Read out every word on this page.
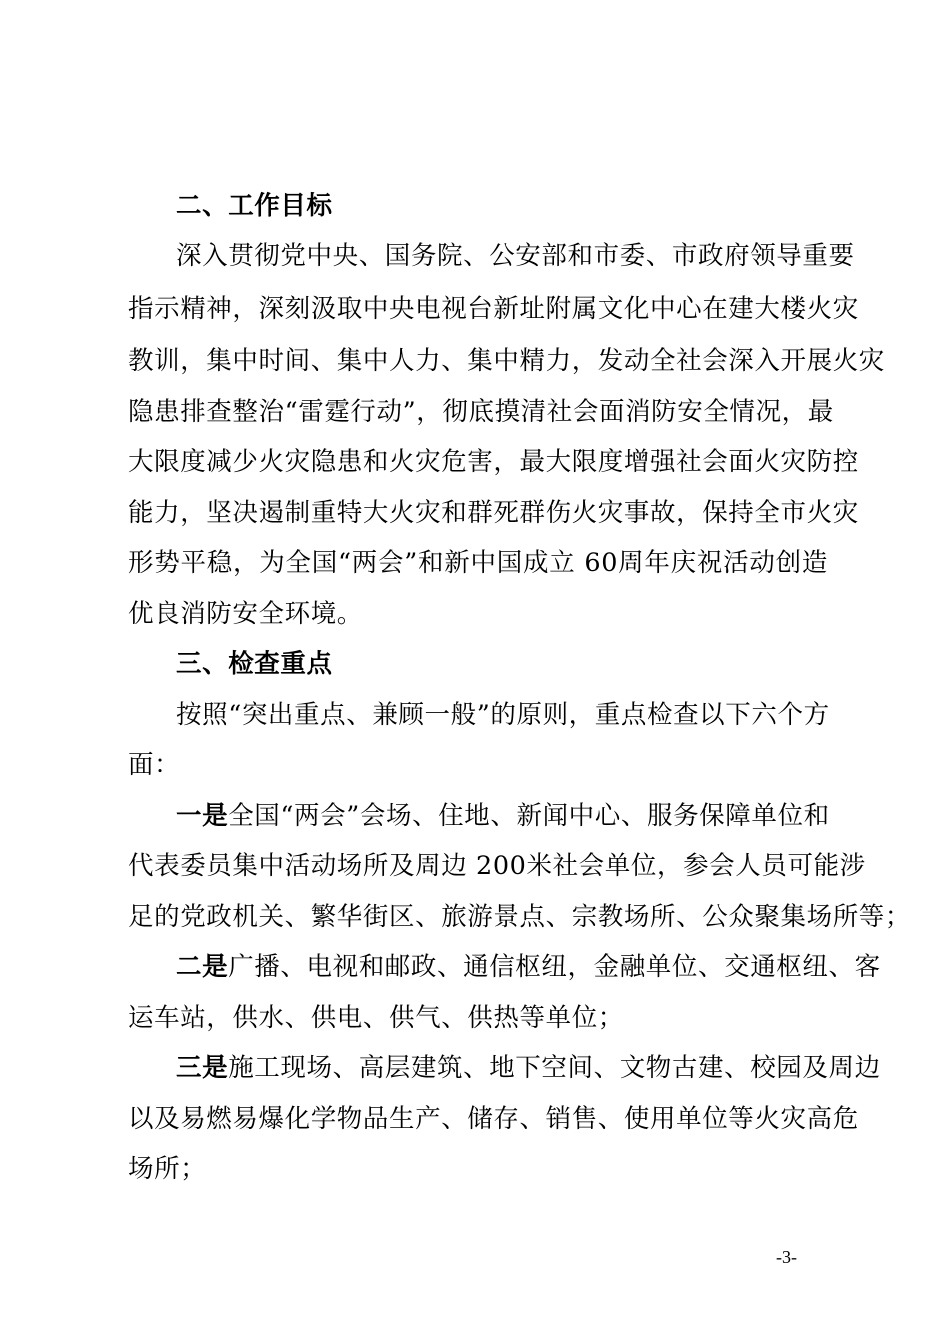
二、工作目标
深入贯彻党中央、国务院、公安部和市委、市政府领导重要
指示精神，深刻汲取中央电视台新址附属文化中心在建大楼火灾
教训，集中时间、集中人力、集中精力，发动全社会深入开展火灾
隐患排查整治“雷霆行动”，彻底摸清社会面消防安全情况，最
大限度减少火灾隐患和火灾危害，最大限度增强社会面火灾防控
能力，坚决遏制重特大火灾和群死群伤火灾事故，保持全市火灾
形势平稳，为全国“两会”和新中国成立 60周年庆祝活动创造
优良消防安全环境。
三、检查重点
按照“突出重点、兼顾一般”的原则，重点检查以下六个方
面：
一是全国“两会”会场、住地、新闻中心、服务保障单位和
代表委员集中活动场所及周边 200米社会单位，参会人员可能涉
足的党政机关、繁华街区、旅游景点、宗教场所、公众聚集场所等；
二是广播、电视和邮政、通信枢纽，金融单位、交通枢纽、客
运车站，供水、供电、供气、供热等单位；
三是施工现场、高层建筑、地下空间、文物古建、校园及周边
以及易燃易爆化学物品生产、储存、销售、使用单位等火灾高危
场所；
-3-
